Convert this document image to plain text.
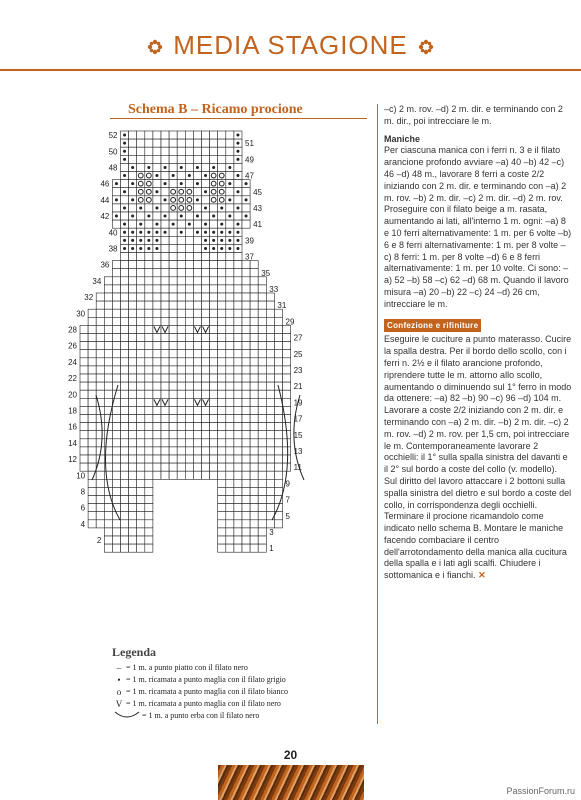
MEDIA STAGIONE
Schema B – Ricamo procione
52
51
50
49
48
47
46
45
44
43
42
41
40
39
38
37
36
35
34
33
32
31
30
29
28
27
26
25
24
23
22
21
20
19
18
17
16
15
14
13
12
11
10
9
8
7
6
5
4
3
2
1
Legenda
– = 1 m. a punto piatto con il filato nero
• = 1 m. ricamata a punto maglia con il filato grigio
o = 1 m. ricamata a punto maglia con il filato bianco
V = 1 m. ricamata a punto maglia con il filato nero
= 1 m. a punto erba con il filato nero

–c) 2 m. rov. –d) 2 m. dir. e terminando con 2 m. dir., poi intrecciare le m.

Maniche

Per ciascuna manica con i ferri n. 3 e il filato arancione profondo avviare –a) 40 –b) 42 –c) 46 –d) 48 m., lavorare 8 ferri a coste 2/2 iniziando con 2 m. dir. e terminando con –a) 2 m. rov. –b) 2 m. dir. –c) 2 m. dir. –d) 2 m. rov. Proseguire con il filato beige a m. rasata, aumentando ai lati, all'interno 1 m. ogni: –a) 8 e 10 ferri alternativamente: 1 m. per 6 volte –b) 6 e 8 ferri alternativamente: 1 m. per 8 volte –c) 8 ferri: 1 m. per 8 volte –d) 6 e 8 ferri alternativamente: 1 m. per 10 volte. Ci sono: –a) 52 –b) 58 –c) 62 –d) 68 m. Quando il lavoro misura –a) 20 –b) 22 –c) 24 –d) 26 cm, intrecciare le m.

Confezione e rifiniture

Eseguire le cuciture a punto materasso. Cucire la spalla destra. Per il bordo dello scollo, con i ferri n. 2½ e il filato arancione profondo, riprendere tutte le m. attorno allo scollo, aumentando o diminuendo sul 1° ferro in modo da ottenere: –a) 82 –b) 90 –c) 96 –d) 104 m. Lavorare a coste 2/2 iniziando con 2 m. dir. e terminando con –a) 2 m. dir. –b) 2 m. dir. –c) 2 m. rov. –d) 2 m. rov. per 1,5 cm, poi intrecciare le m. Contemporaneamente lavorare 2 occhielli: il 1° sulla spalla sinistra del davanti e il 2° sul bordo a coste del collo (v. modello). Sul diritto del lavoro attaccare i 2 bottoni sulla spalla sinistra del dietro e sul bordo a coste del collo, in corrispondenza degli occhielli. Terminare il procione ricamandolo come indicato nello schema B. Montare le maniche facendo combaciare il centro dell'arrotondamento della manica alla cucitura della spalla e i lati agli scalfi. Chiudere i sottomanica e i fianchi. ✕

20
PassionForum.ru
